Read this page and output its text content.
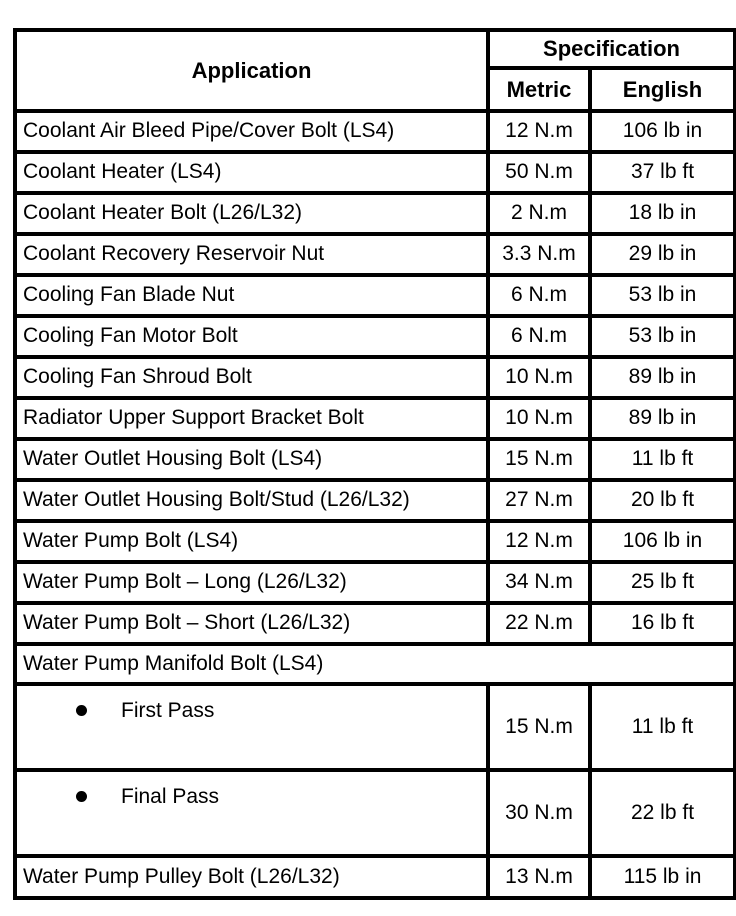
Application	Specification	
	Metric	English
Coolant Air Bleed Pipe/Cover Bolt (LS4)	12 N.m	106 lb in
Coolant Heater (LS4)	50 N.m	37 lb ft
Coolant Heater Bolt (L26/L32)	2 N.m	18 lb in
Coolant Recovery Reservoir Nut	3.3 N.m	29 lb in
Cooling Fan Blade Nut	6 N.m	53 lb in
Cooling Fan Motor Bolt	6 N.m	53 lb in
Cooling Fan Shroud Bolt	10 N.m	89 lb in
Radiator Upper Support Bracket Bolt	10 N.m	89 lb in
Water Outlet Housing Bolt (LS4)	15 N.m	11 lb ft
Water Outlet Housing Bolt/Stud (L26/L32)	27 N.m	20 lb ft
Water Pump Bolt (LS4)	12 N.m	106 lb in
Water Pump Bolt – Long (L26/L32)	34 N.m	25 lb ft
Water Pump Bolt – Short (L26/L32)	22 N.m	16 lb ft
Water Pump Manifold Bolt (LS4)		
First Pass	15 N.m	11 lb ft
Final Pass	30 N.m	22 lb ft
Water Pump Pulley Bolt (L26/L32)	13 N.m	115 lb in
